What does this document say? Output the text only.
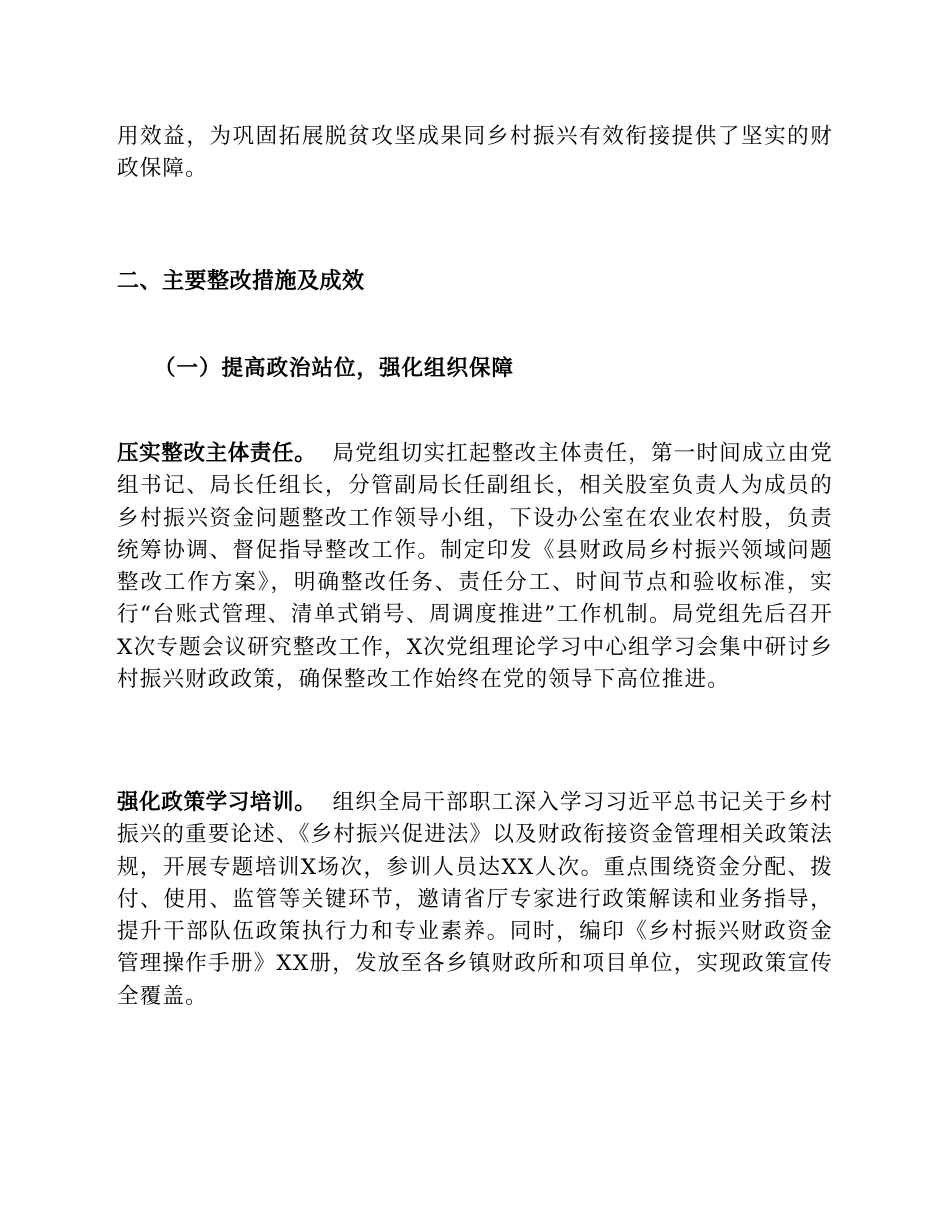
用效益，为巩固拓展脱贫攻坚成果同乡村振兴有效衔接提供了坚实的财政保障。

二、主要整改措施及成效
（一）提高政治站位，强化组织保障

压实整改主体责任。 局党组切实扛起整改主体责任，第一时间成立由党组书记、局长任组长，分管副局长任副组长，相关股室负责人为成员的乡村振兴资金问题整改工作领导小组，下设办公室在农业农村股，负责统筹协调、督促指导整改工作。制定印发《县财政局乡村振兴领域问题整改工作方案》，明确整改任务、责任分工、时间节点和验收标准，实行“台账式管理、清单式销号、周调度推进”工作机制。局党组先后召开X次专题会议研究整改工作，X次党组理论学习中心组学习会集中研讨乡村振兴财政政策，确保整改工作始终在党的领导下高位推进。

强化政策学习培训。 组织全局干部职工深入学习习近平总书记关于乡村振兴的重要论述、《乡村振兴促进法》以及财政衔接资金管理相关政策法规，开展专题培训X场次，参训人员达XX人次。重点围绕资金分配、拨付、使用、监管等关键环节，邀请省厅专家进行政策解读和业务指导，提升干部队伍政策执行力和专业素养。同时，编印《乡村振兴财政资金管理操作手册》XX册，发放至各乡镇财政所和项目单位，实现政策宣传全覆盖。
